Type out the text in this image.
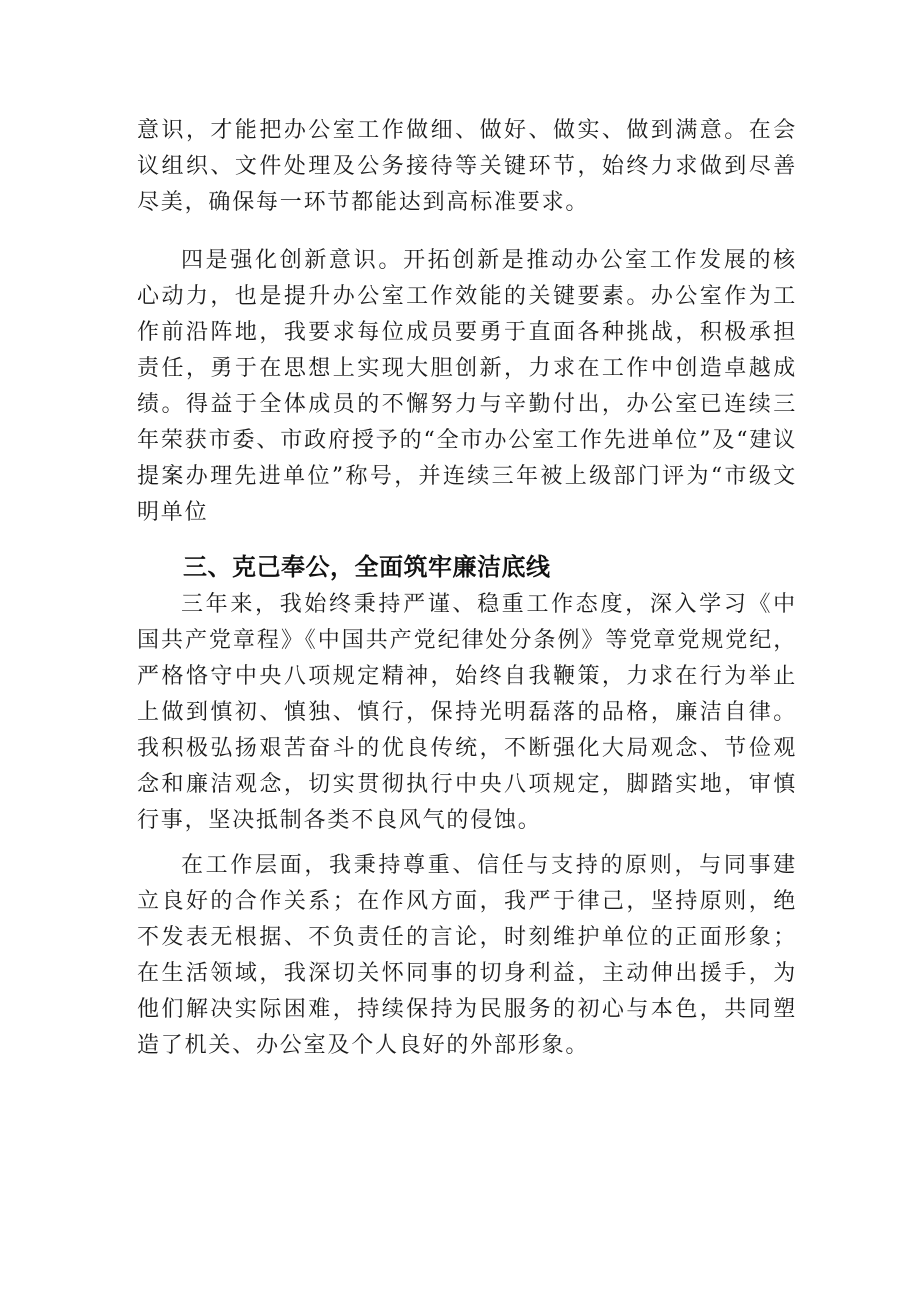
意识，才能把办公室工作做细、做好、做实、做到满意。在会议组织、文件处理及公务接待等关键环节，始终力求做到尽善尽美，确保每一环节都能达到高标准要求。

四是强化创新意识。开拓创新是推动办公室工作发展的核心动力，也是提升办公室工作效能的关键要素。办公室作为工作前沿阵地，我要求每位成员要勇于直面各种挑战，积极承担责任，勇于在思想上实现大胆创新，力求在工作中创造卓越成绩。得益于全体成员的不懈努力与辛勤付出，办公室已连续三年荣获市委、市政府授予的“全市办公室工作先进单位”及“建议提案办理先进单位”称号，并连续三年被上级部门评为“市级文明单位

三、克己奉公，全面筑牢廉洁底线

三年来，我始终秉持严谨、稳重工作态度，深入学习《中国共产党章程》《中国共产党纪律处分条例》等党章党规党纪，严格恪守中央八项规定精神，始终自我鞭策，力求在行为举止上做到慎初、慎独、慎行，保持光明磊落的品格，廉洁自律。我积极弘扬艰苦奋斗的优良传统，不断强化大局观念、节俭观念和廉洁观念，切实贯彻执行中央八项规定，脚踏实地，审慎行事，坚决抵制各类不良风气的侵蚀。

在工作层面，我秉持尊重、信任与支持的原则，与同事建立良好的合作关系；在作风方面，我严于律己，坚持原则，绝不发表无根据、不负责任的言论，时刻维护单位的正面形象；在生活领域，我深切关怀同事的切身利益，主动伸出援手，为他们解决实际困难，持续保持为民服务的初心与本色，共同塑造了机关、办公室及个人良好的外部形象。
